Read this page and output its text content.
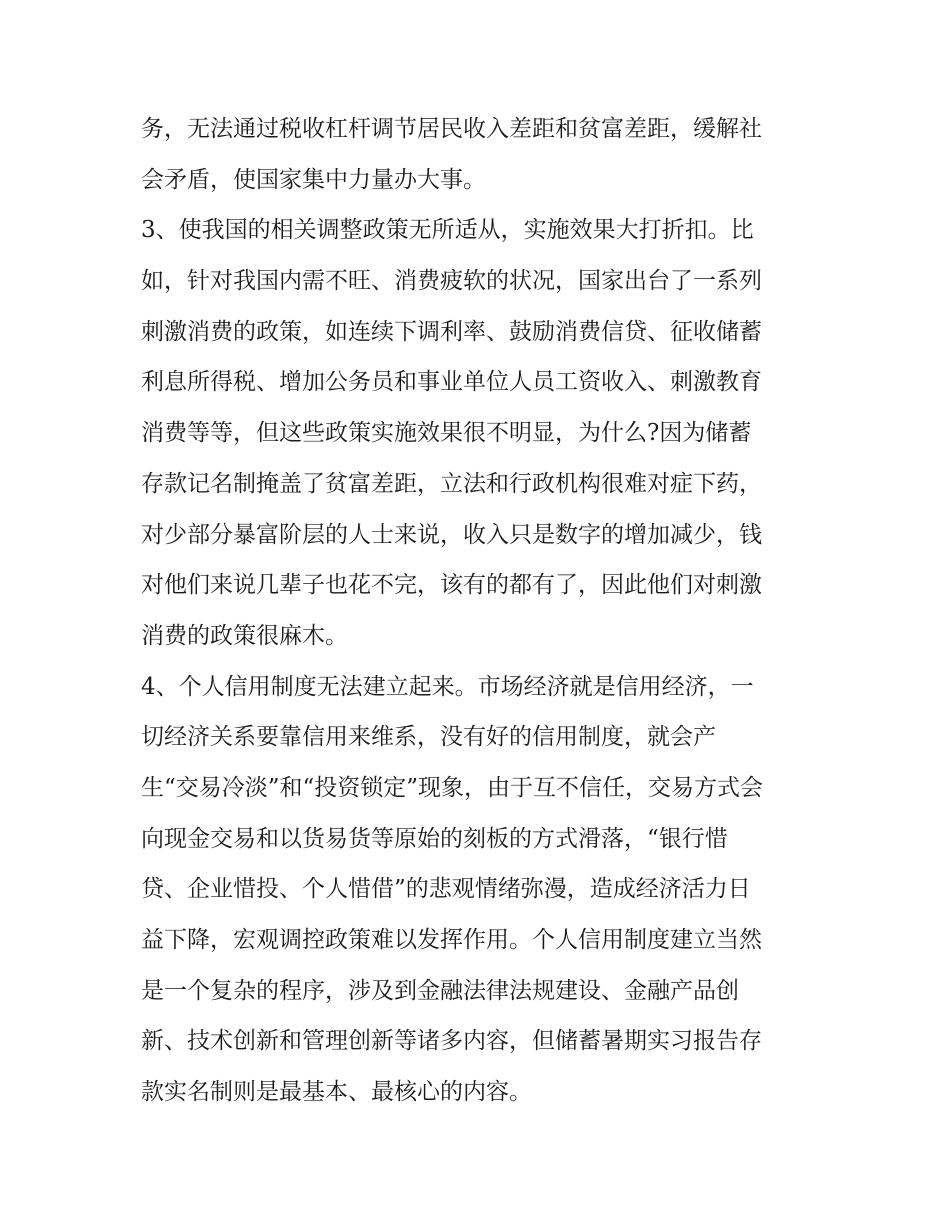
务，无法通过税收杠杆调节居民收入差距和贫富差距，缓解社
会矛盾，使国家集中力量办大事。
3、使我国的相关调整政策无所适从，实施效果大打折扣。比
如，针对我国内需不旺、消费疲软的状况，国家出台了一系列
刺激消费的政策，如连续下调利率、鼓励消费信贷、征收储蓄
利息所得税、增加公务员和事业单位人员工资收入、刺激教育
消费等等，但这些政策实施效果很不明显，为什么?因为储蓄
存款记名制掩盖了贫富差距，立法和行政机构很难对症下药，
对少部分暴富阶层的人士来说，收入只是数字的增加减少，钱
对他们来说几辈子也花不完，该有的都有了，因此他们对刺激
消费的政策很麻木。
4、个人信用制度无法建立起来。市场经济就是信用经济，一
切经济关系要靠信用来维系，没有好的信用制度，就会产
生“交易冷淡”和“投资锁定”现象，由于互不信任，交易方式会
向现金交易和以货易货等原始的刻板的方式滑落，“银行惜
贷、企业惜投、个人惜借”的悲观情绪弥漫，造成经济活力日
益下降，宏观调控政策难以发挥作用。个人信用制度建立当然
是一个复杂的程序，涉及到金融法律法规建设、金融产品创
新、技术创新和管理创新等诸多内容，但储蓄暑期实习报告存
款实名制则是最基本、最核心的内容。
